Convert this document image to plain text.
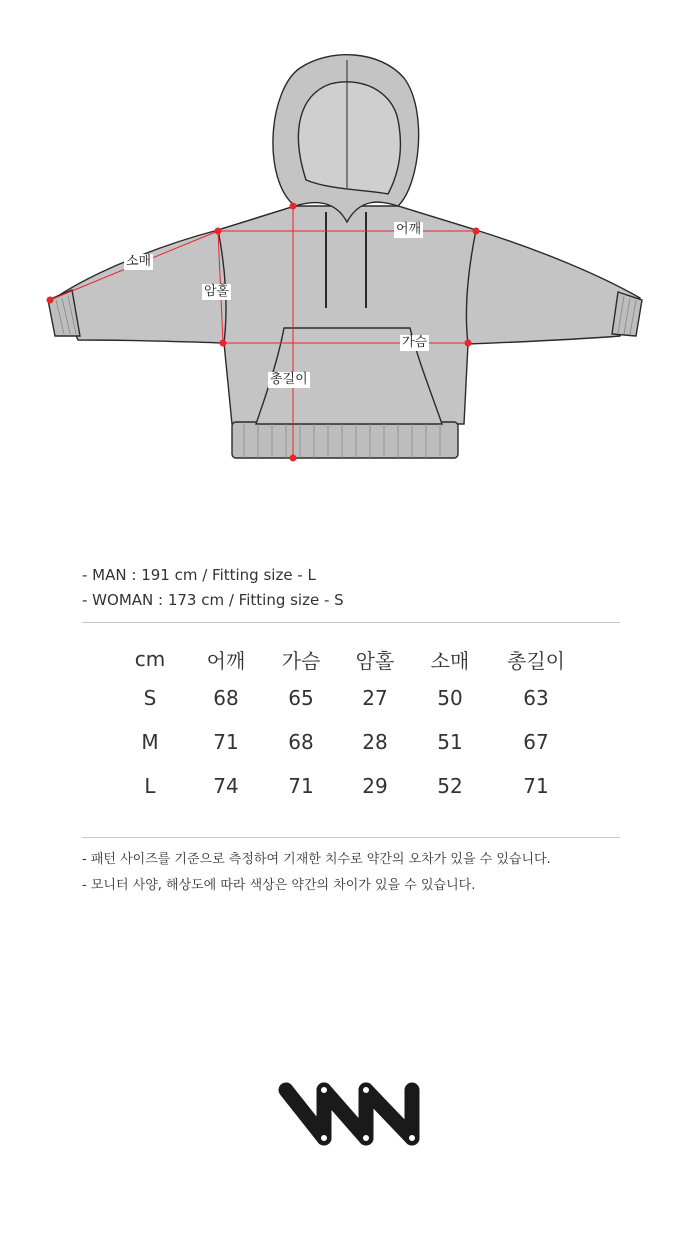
어깨
소매
암홀
가슴
총길이
- MAN : 191 cm / Fitting size - L
- WOMAN : 173 cm / Fitting size - S
cm	어깨	가슴	암홀	소매	총길이
S	68	65	27	50	63
M	71	68	28	51	67
L	74	71	29	52	71
- 패턴 사이즈를 기준으로 측정하여 기재한 치수로 약간의 오차가 있을 수 있습니다.
- 모니터 사양, 해상도에 따라 색상은 약간의 차이가 있을 수 있습니다.
